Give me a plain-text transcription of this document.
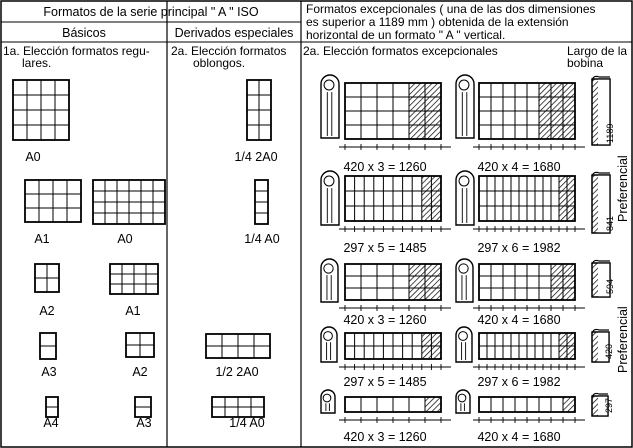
Formatos de la serie principal " A " ISO	Formatos excepcionales ( una de las dos dimensiones
es superior a 1189 mm ) obtenida de la extensión
horizontal de un formato " A " vertical.
Básicos	Derivados especiales
1a. Elección formatos regu-
lares.
2a. Elección formatos
oblongos.
2a. Elección formatos excepcionales	Largo de la
bobina
A0
A1	A0
A2	A1
A3	A2
A4	A3
1/4 2A0
1/4 A0
1/2 2A0
1/4 A0
420 x 3 = 1260	420 x 4 = 1680
297 x 5 = 1485	297 x 6 = 1982
420 x 3 = 1260	420 x 4 = 1680
297 x 5 = 1485	297 x 6 = 1982
420 x 3 = 1260	420 x 4 = 1680
1189
841
594
420
297
Preferencial
Preferencial
